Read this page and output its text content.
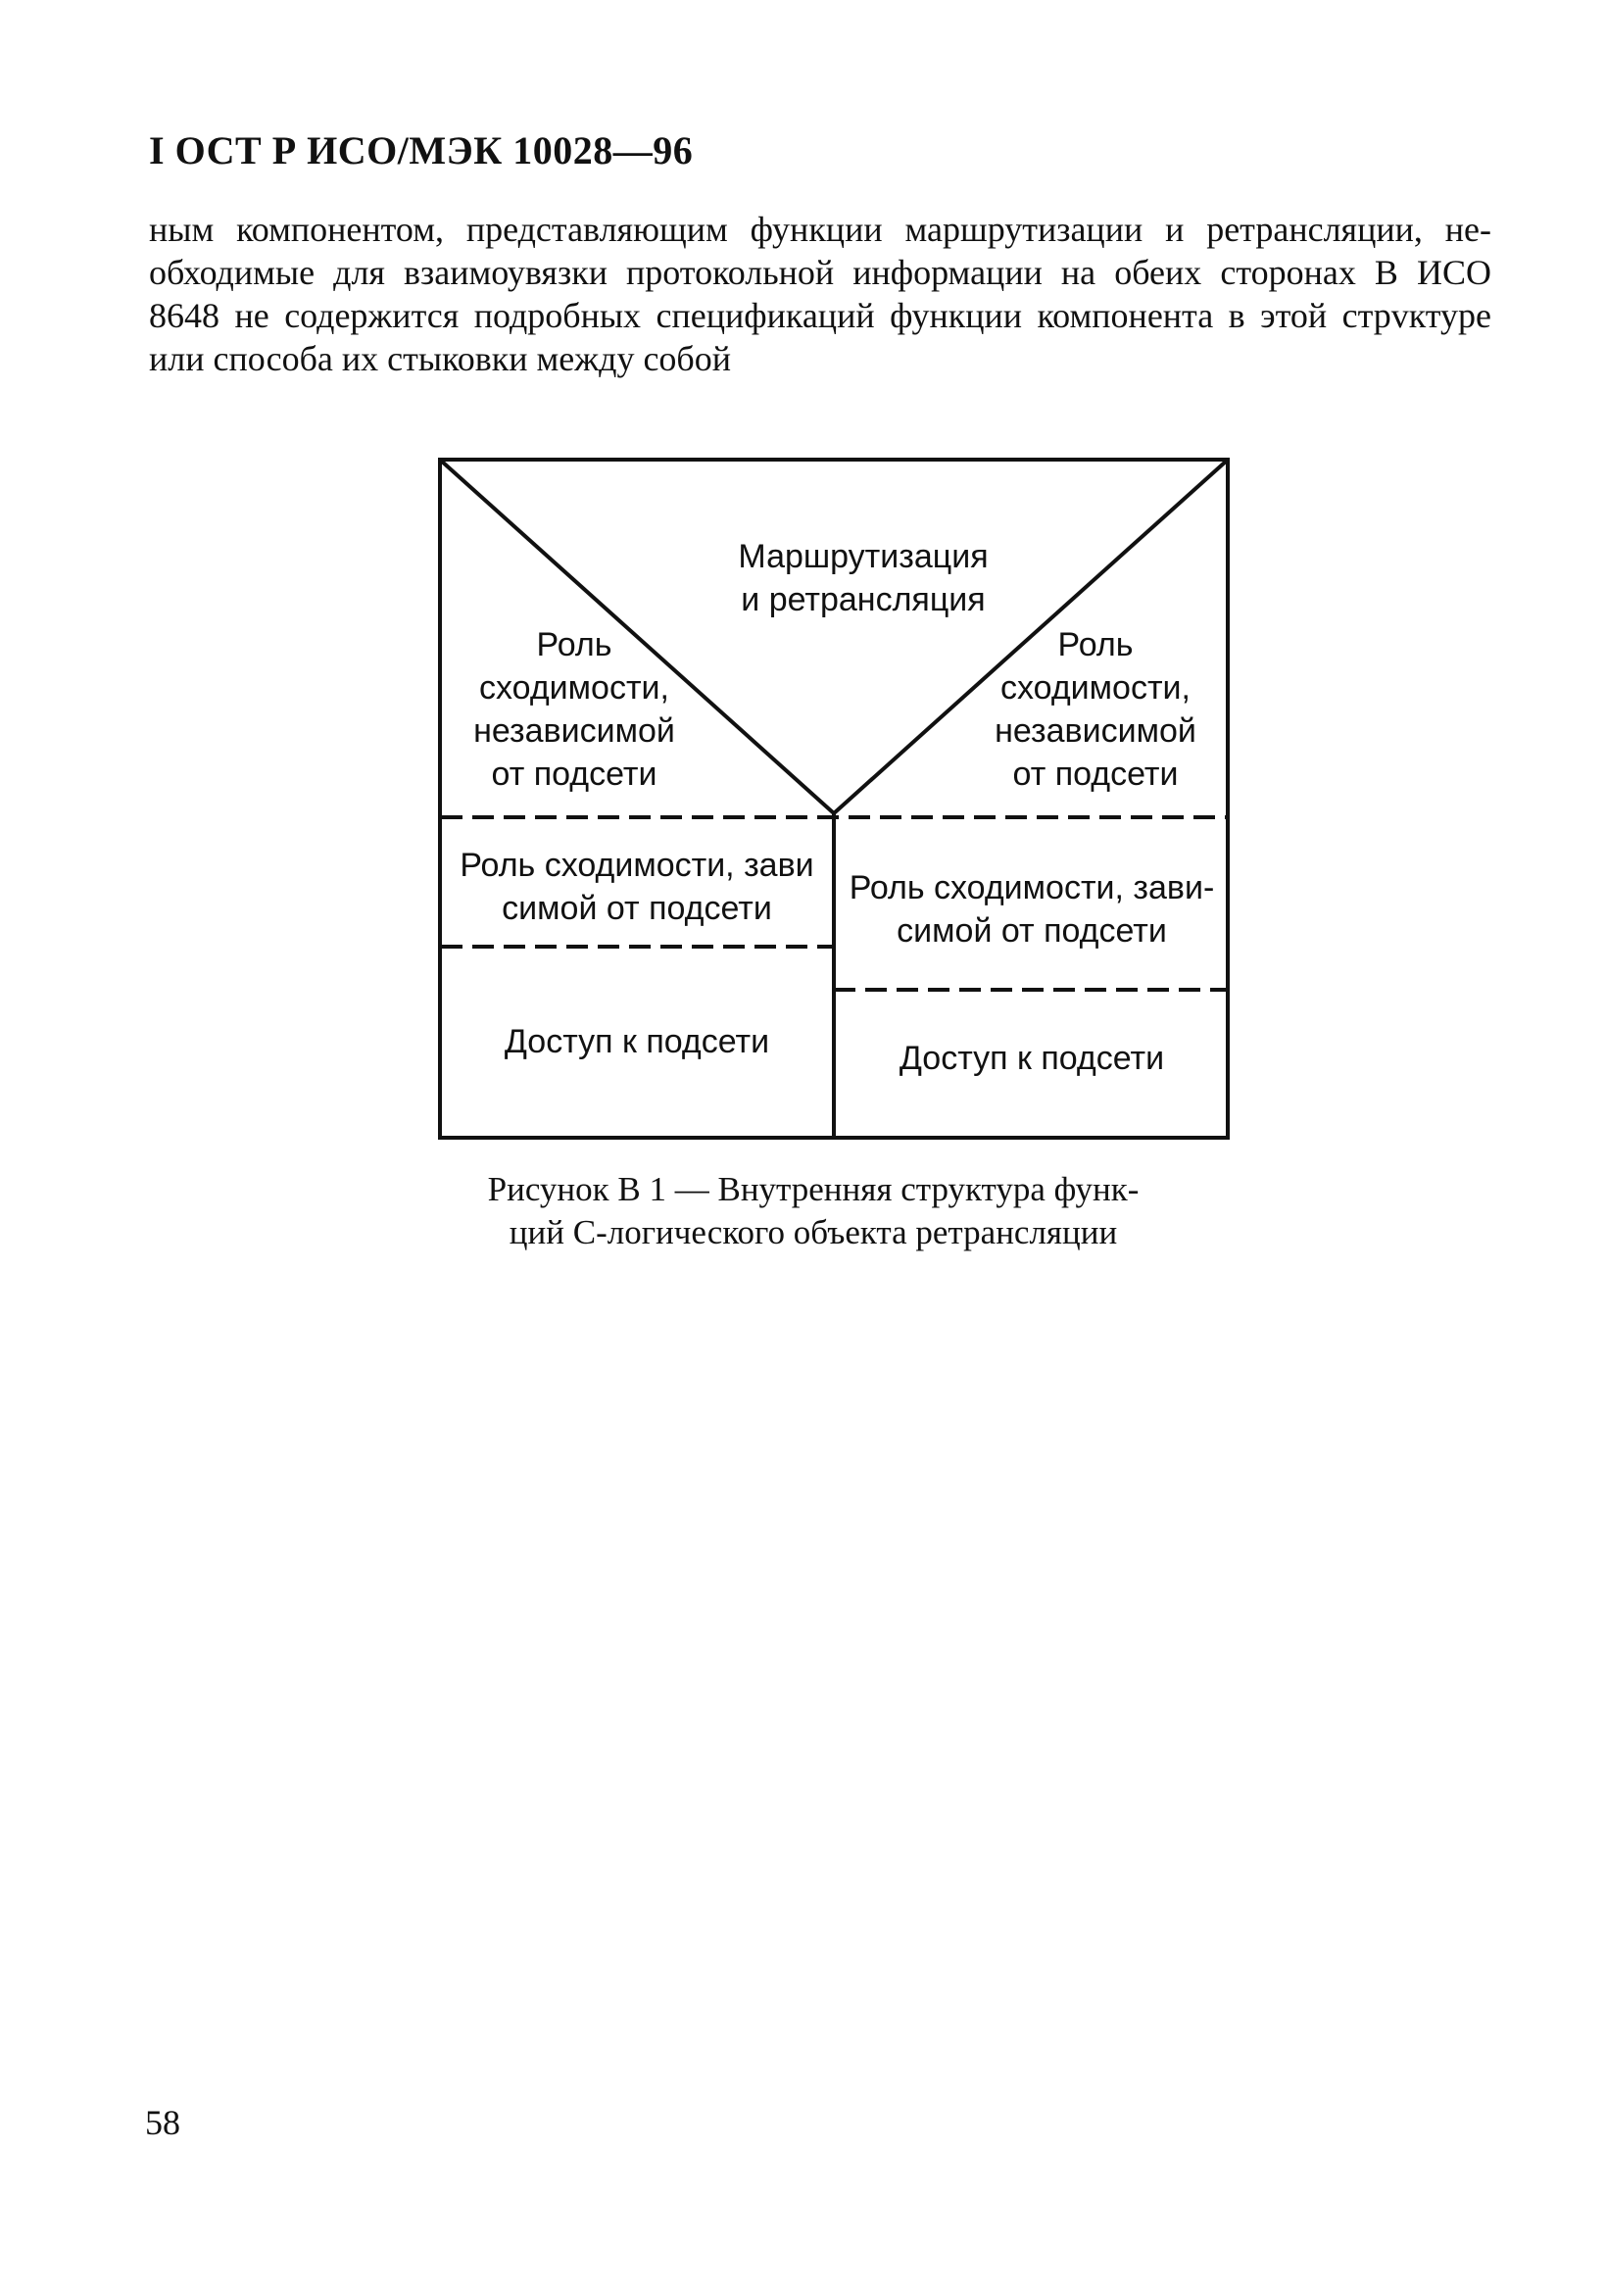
I ОСТ Р ИСО/МЭК 10028—96
ным компонентом, представляющим функции маршрутизации и ретрансляции, не-
обходимые для взаимоувязки протокольной информации на обеих сторонах В ИСО
8648 не содержится подробных спецификаций функции компонента в этой стрvктуре
или способа их стыковки между собой
Маршрутизация
и ретрансляция
Роль
сходимости,
независимой
от подсети
Роль
сходимости,
независимой
от подсети
Роль сходимости, зави
симой от подсети
Роль сходимости, зави-
симой от подсети
Доступ к подсети	Доступ к подсети
Рисунок В 1 — Внутренняя структура функ-
ций С-логического объекта ретрансляции
58
